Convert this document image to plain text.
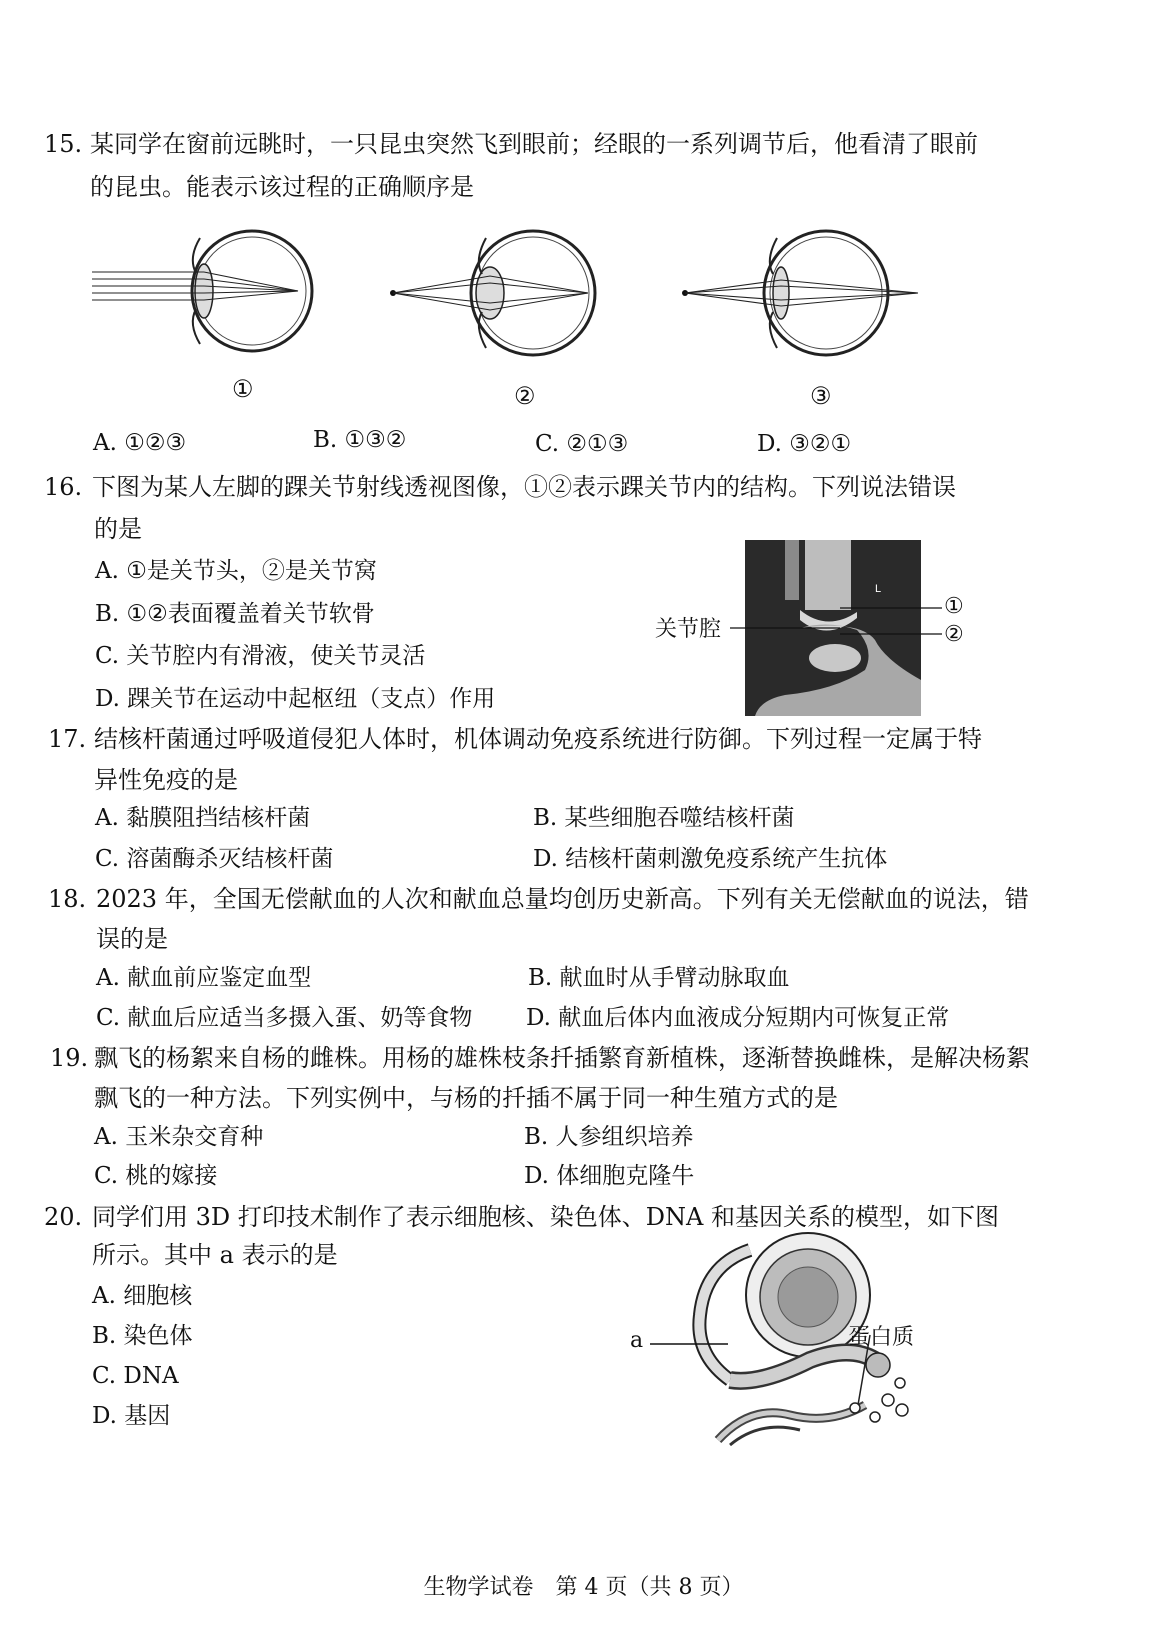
15. 某同学在窗前远眺时，一只昆虫突然飞到眼前；经眼的一系列调节后，他看清了眼前
的昆虫。能表示该过程的正确顺序是
①	②	③
A. ①②③	B. ①③②	C. ②①③	D. ③②①
16. 下图为某人左脚的踝关节射线透视图像，①②表示踝关节内的结构。下列说法错误
的是
A. ①是关节头，②是关节窝
B. ①②表面覆盖着关节软骨
C. 关节腔内有滑液，使关节灵活
D. 踝关节在运动中起枢纽（支点）作用
L
关节腔
①
②
17. 结核杆菌通过呼吸道侵犯人体时，机体调动免疫系统进行防御。下列过程一定属于特
异性免疫的是
A. 黏膜阻挡结核杆菌	B. 某些细胞吞噬结核杆菌
C. 溶菌酶杀灭结核杆菌	D. 结核杆菌刺激免疫系统产生抗体
18. 2023 年，全国无偿献血的人次和献血总量均创历史新高。下列有关无偿献血的说法，错
误的是
A. 献血前应鉴定血型	B. 献血时从手臂动脉取血
C. 献血后应适当多摄入蛋、奶等食物 D. 献血后体内血液成分短期内可恢复正常
19. 飘飞的杨絮来自杨的雌株。用杨的雄株枝条扦插繁育新植株，逐渐替换雌株，是解决杨絮
飘飞的一种方法。下列实例中，与杨的扦插不属于同一种生殖方式的是
A. 玉米杂交育种	B. 人参组织培养
C. 桃的嫁接	D. 体细胞克隆牛
20. 同学们用 3D 打印技术制作了表示细胞核、染色体、DNA 和基因关系的模型，如下图
所示。其中 a 表示的是
A. 细胞核
B. 染色体
C. DNA
D. 基因
a	蛋白质
生物学试卷　第 4 页（共 8 页）
